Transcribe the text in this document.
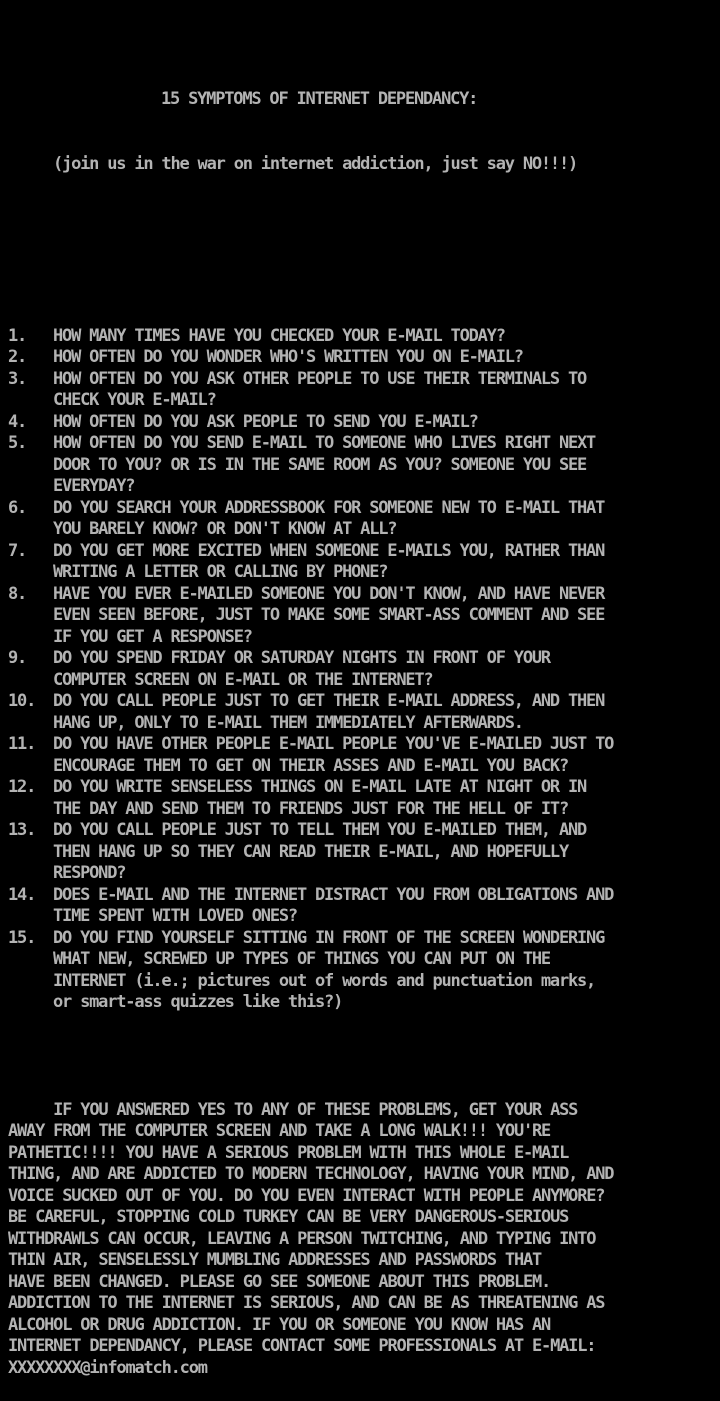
15 SYMPTOMS OF INTERNET DEPENDANCY:

(join us in the war on internet addiction, just say NO!!!)

1.	HOW MANY TIMES HAVE YOU CHECKED YOUR E-MAIL TODAY?
2.	HOW OFTEN DO YOU WONDER WHO'S WRITTEN YOU ON E-MAIL?
3.	HOW OFTEN DO YOU ASK OTHER PEOPLE TO USE THEIR TERMINALS TO
CHECK YOUR E-MAIL?
4.	HOW OFTEN DO YOU ASK PEOPLE TO SEND YOU E-MAIL?
5.	HOW OFTEN DO YOU SEND E-MAIL TO SOMEONE WHO LIVES RIGHT NEXT
DOOR TO YOU? OR IS IN THE SAME ROOM AS YOU? SOMEONE YOU SEE
EVERYDAY?
6.	DO YOU SEARCH YOUR ADDRESSBOOK FOR SOMEONE NEW TO E-MAIL THAT
YOU BARELY KNOW? OR DON'T KNOW AT ALL?
7.	DO YOU GET MORE EXCITED WHEN SOMEONE E-MAILS YOU, RATHER THAN
WRITING A LETTER OR CALLING BY PHONE?
8.	HAVE YOU EVER E-MAILED SOMEONE YOU DON'T KNOW, AND HAVE NEVER
EVEN SEEN BEFORE, JUST TO MAKE SOME SMART-ASS COMMENT AND SEE
IF YOU GET A RESPONSE?
9.	DO YOU SPEND FRIDAY OR SATURDAY NIGHTS IN FRONT OF YOUR
COMPUTER SCREEN ON E-MAIL OR THE INTERNET?
10.	DO YOU CALL PEOPLE JUST TO GET THEIR E-MAIL ADDRESS, AND THEN
HANG UP, ONLY TO E-MAIL THEM IMMEDIATELY AFTERWARDS.
11.	DO YOU HAVE OTHER PEOPLE E-MAIL PEOPLE YOU'VE E-MAILED JUST TO
ENCOURAGE THEM TO GET ON THEIR ASSES AND E-MAIL YOU BACK?
12.	DO YOU WRITE SENSELESS THINGS ON E-MAIL LATE AT NIGHT OR IN
THE DAY AND SEND THEM TO FRIENDS JUST FOR THE HELL OF IT?
13.	DO YOU CALL PEOPLE JUST TO TELL THEM YOU E-MAILED THEM, AND
THEN HANG UP SO THEY CAN READ THEIR E-MAIL, AND HOPEFULLY
RESPOND?
14.	DOES E-MAIL AND THE INTERNET DISTRACT YOU FROM OBLIGATIONS AND
TIME SPENT WITH LOVED ONES?
15.	DO YOU FIND YOURSELF SITTING IN FRONT OF THE SCREEN WONDERING
WHAT NEW, SCREWED UP TYPES OF THINGS YOU CAN PUT ON THE
INTERNET (i.e.; pictures out of words and punctuation marks,
or smart-ass quizzes like this?)

IF YOU ANSWERED YES TO ANY OF THESE PROBLEMS, GET YOUR ASS
AWAY FROM THE COMPUTER SCREEN AND TAKE A LONG WALK!!! YOU'RE
PATHETIC!!!! YOU HAVE A SERIOUS PROBLEM WITH THIS WHOLE E-MAIL
THING, AND ARE ADDICTED TO MODERN TECHNOLOGY, HAVING YOUR MIND, AND
VOICE SUCKED OUT OF YOU. DO YOU EVEN INTERACT WITH PEOPLE ANYMORE?
BE CAREFUL, STOPPING COLD TURKEY CAN BE VERY DANGEROUS-SERIOUS
WITHDRAWLS CAN OCCUR, LEAVING A PERSON TWITCHING, AND TYPING INTO
THIN AIR, SENSELESSLY MUMBLING ADDRESSES AND PASSWORDS THAT
HAVE BEEN CHANGED. PLEASE GO SEE SOMEONE ABOUT THIS PROBLEM.
ADDICTION TO THE INTERNET IS SERIOUS, AND CAN BE AS THREATENING AS
ALCOHOL OR DRUG ADDICTION. IF YOU OR SOMEONE YOU KNOW HAS AN
INTERNET DEPENDANCY, PLEASE CONTACT SOME PROFESSIONALS AT E-MAIL:
XXXXXXXX@infomatch.com
